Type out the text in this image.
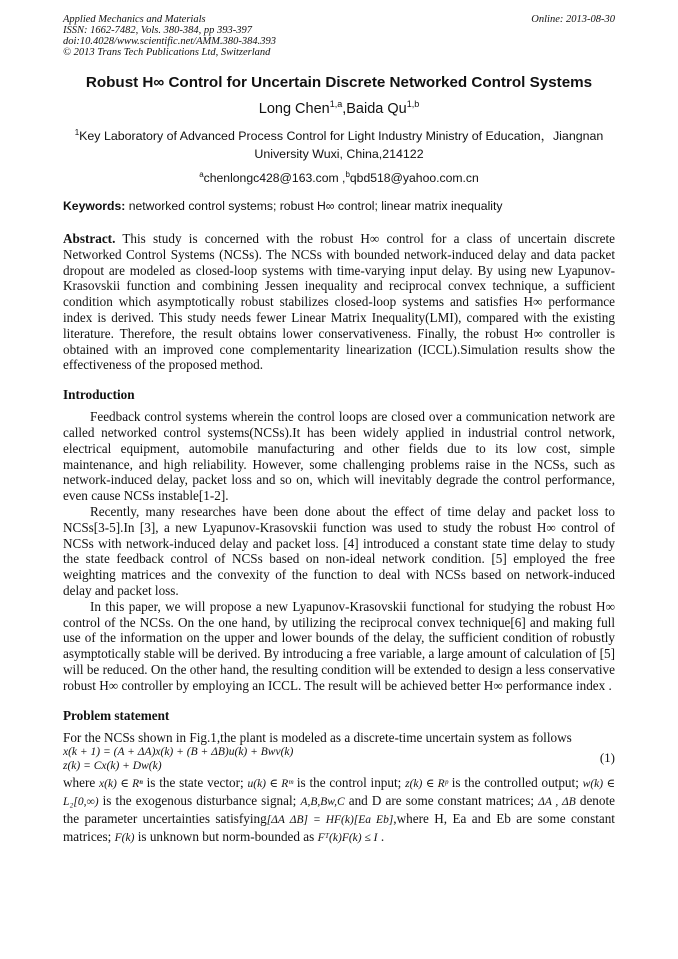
Applied Mechanics and Materials
ISSN: 1662-7482, Vols. 380-384, pp 393-397
doi:10.4028/www.scientific.net/AMM.380-384.393
© 2013 Trans Tech Publications Ltd, Switzerland
Online: 2013-08-30
Robust H∞ Control for Uncertain Discrete Networked Control Systems
Long Chen$^{1,a}$,Baida Qu$^{1,b}$
$^1$Key Laboratory of Advanced Process Control for Light Industry Ministry of Education，Jiangnan
University Wuxi, China,214122
$^a$chenlongc428@163.com ,$^b$qbd518@yahoo.com.cn
Keywords: networked control systems; robust H∞ control; linear matrix inequality

Abstract. This study is concerned with the robust H∞ control for a class of uncertain discrete Networked Control Systems (NCSs). The NCSs with bounded network-induced delay and data packet dropout are modeled as closed-loop systems with time-varying input delay. By using new Lyapunov-Krasovskii function and combining Jessen inequality and reciprocal convex technique, a sufficient condition which asymptotically robust stabilizes closed-loop systems and satisfies H∞ performance index is derived. This study needs fewer Linear Matrix Inequality(LMI), compared with the existing literature. Therefore, the result obtains lower conservativeness. Finally, the robust H∞ controller is obtained with an improved cone complementarity linearization (ICCL).Simulation results show the effectiveness of the proposed method.

Introduction

Feedback control systems wherein the control loops are closed over a communication network are called networked control systems(NCSs).It has been widely applied in industrial control network, electrical equipment, automobile manufacturing and other fields due to its low cost, simple maintenance, and high reliability. However, some challenging problems raise in the NCSs, such as network-induced delay, packet loss and so on, which will inevitably degrade the control performance, even cause NCSs instable[1-2].

Recently, many researches have been done about the effect of time delay and packet loss to NCSs[3-5].In [3], a new Lyapunov-Krasovskii function was used to study the robust H∞ control of NCSs with network-induced delay and packet loss. [4] introduced a constant state time delay to study the state feedback control of NCSs based on non-ideal network condition. [5] employed the free weighting matrices and the convexity of the function to deal with NCSs based on network-induced delay and packet loss.

In this paper, we will propose a new Lyapunov-Krasovskii functional for studying the robust H∞ control of the NCSs. On the one hand, by utilizing the reciprocal convex technique[6] and making full use of the information on the upper and lower bounds of the delay, the sufficient condition of robustly asymptotically stable will be derived. By introducing a free variable, a large amount of calculation of [5] will be reduced. On the other hand, the resulting condition will be extended to design a less conservative robust H∞ controller by employing an ICCL. The result will be achieved better H∞ performance index .

Problem statement

For the NCSs shown in Fig.1,the plant is modeled as a discrete-time uncertain system as follows

x(k + 1) = (A + ΔA)x(k) + (B + ΔB)u(k) + Bwv(k)
z(k) = Cx(k) + Dw(k)
(1)

where x(k) ∈ Rⁿ is the state vector; u(k) ∈ Rᵐ is the control input; z(k) ∈ Rᵖ is the controlled output; w(k) ∈ L₂[0,∞) is the exogenous disturbance signal; A,B,Bw,C and D are some constant matrices; ΔA , ΔB denote the parameter uncertainties satisfying[ΔA ΔB] = HF(k)[Ea Eb],where H, Ea and Eb are some constant matrices; F(k) is unknown but norm-bounded as Fᵀ(k)F(k) ≤ I .
